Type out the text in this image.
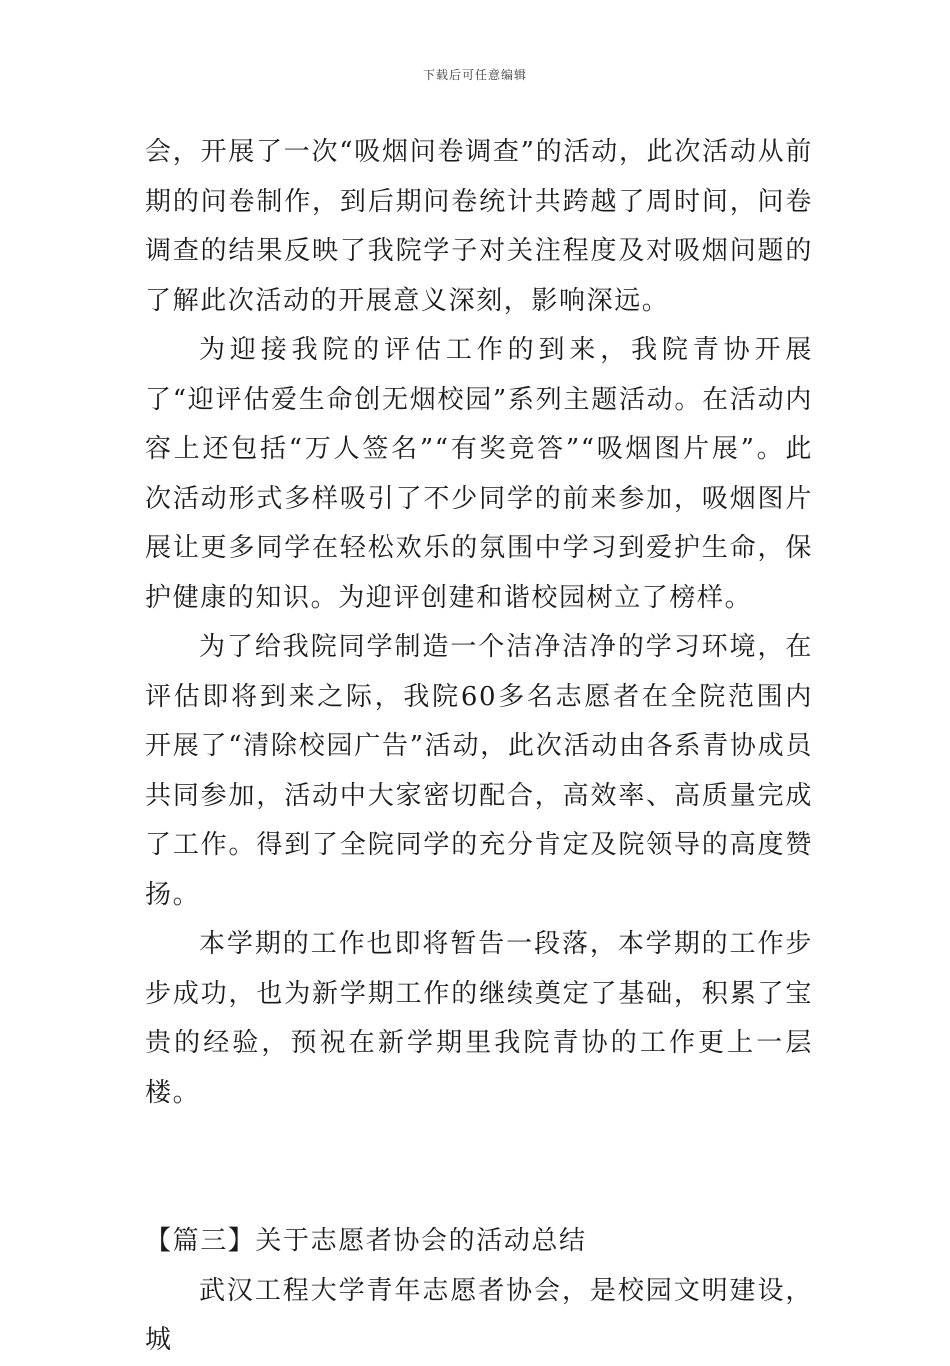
下载后可任意编辑

会，开展了一次“吸烟问卷调查”的活动，此次活动从前期的问卷制作，到后期问卷统计共跨越了周时间，问卷调查的结果反映了我院学子对关注程度及对吸烟问题的了解此次活动的开展意义深刻，影响深远。

为迎接我院的评估工作的到来，我院青协开展了“迎评估爱生命创无烟校园”系列主题活动。在活动内容上还包括“万人签名”“有奖竞答”“吸烟图片展”。此次活动形式多样吸引了不少同学的前来参加，吸烟图片展让更多同学在轻松欢乐的氛围中学习到爱护生命，保护健康的知识。为迎评创建和谐校园树立了榜样。

为了给我院同学制造一个洁净洁净的学习环境，在评估即将到来之际，我院60多名志愿者在全院范围内开展了“清除校园广告”活动，此次活动由各系青协成员共同参加，活动中大家密切配合，高效率、高质量完成了工作。得到了全院同学的充分肯定及院领导的高度赞扬。

本学期的工作也即将暂告一段落，本学期的工作步步成功，也为新学期工作的继续奠定了基础，积累了宝贵的经验，预祝在新学期里我院青协的工作更上一层楼。

【篇三】关于志愿者协会的活动总结

武汉工程大学青年志愿者协会，是校园文明建设，城
